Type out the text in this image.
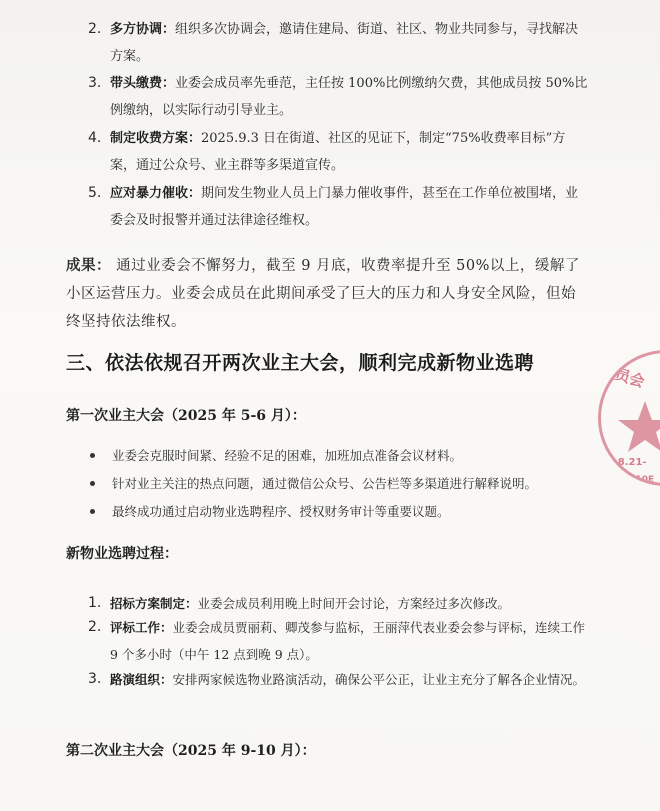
2. 多方协调：组织多次协调会，邀请住建局、街道、社区、物业共同参与，寻找解决方案。
3. 带头缴费：业委会成员率先垂范，主任按 100%比例缴纳欠费，其他成员按 50%比例缴纳，以实际行动引导业主。
4. 制定收费方案：2025.9.3 日在街道、社区的见证下，制定“75%收费率目标”方案，通过公众号、业主群等多渠道宣传。
5. 应对暴力催收：期间发生物业人员上门暴力催收事件，甚至在工作单位被围堵，业委会及时报警并通过法律途径维权。
成果： 通过业委会不懈努力，截至 9 月底，收费率提升至 50%以上，缓解了小区运营压力。业委会成员在此期间承受了巨大的压力和人身安全风险，但始终坚持依法维权。
三、依法依规召开两次业主大会，顺利完成新物业选聘
第一次业主大会（2025 年 5-6 月）：
业委会克服时间紧、经验不足的困难，加班加点准备会议材料。
针对业主关注的热点问题，通过微信公众号、公告栏等多渠道进行解释说明。
最终成功通过启动物业选聘程序、授权财务审计等重要议题。
新物业选聘过程：
1. 招标方案制定：业委会成员利用晚上时间开会讨论，方案经过多次修改。
2. 评标工作：业委会成员贾丽莉、卿茂参与监标，王丽萍代表业委会参与评标，连续工作 9 个多小时（中午 12 点到晚 9 点）。
3. 路演组织：安排两家候选物业路演活动，确保公平公正，让业主充分了解各企业情况。
第二次业主大会（2025 年 9-10 月）：
员会
2.8.21-
1010E
